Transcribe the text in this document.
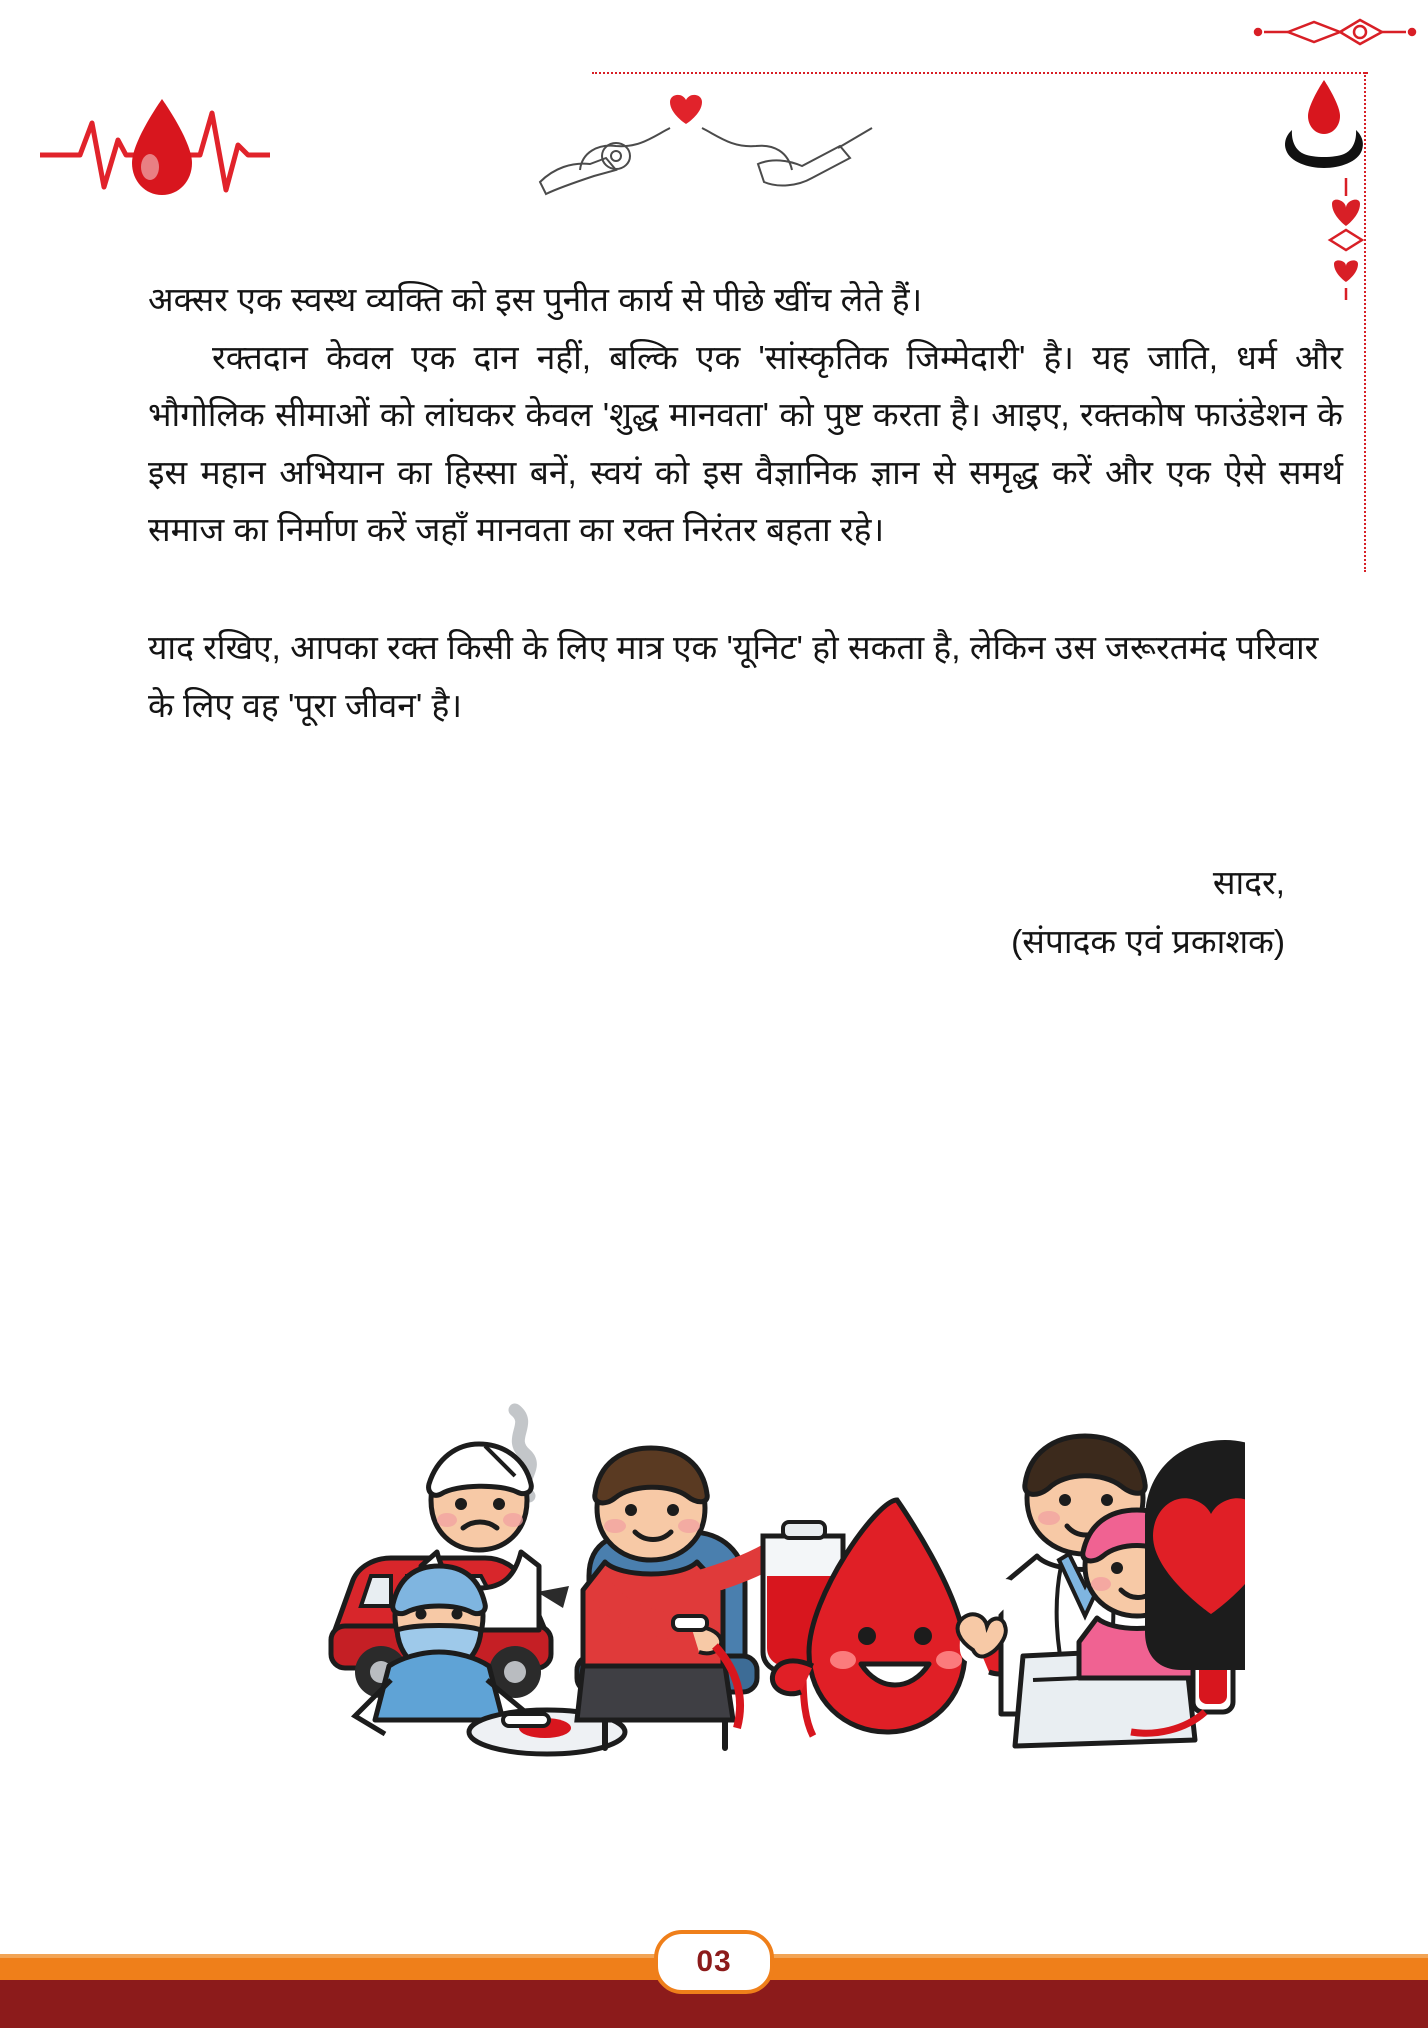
अक्सर एक स्वस्थ व्यक्ति को इस पुनीत कार्य से पीछे खींच लेते हैं।

रक्तदान केवल एक दान नहीं, बल्कि एक 'सांस्कृतिक जिम्मेदारी' है। यह जाति, धर्म और भौगोलिक सीमाओं को लांघकर केवल 'शुद्ध मानवता' को पुष्ट करता है। आइए, रक्तकोष फाउंडेशन के इस महान अभियान का हिस्सा बनें, स्वयं को इस वैज्ञानिक ज्ञान से समृद्ध करें और एक ऐसे समर्थ समाज का निर्माण करें जहाँ मानवता का रक्त निरंतर बहता रहे।

याद रखिए, आपका रक्त किसी के लिए मात्र एक 'यूनिट' हो सकता है, लेकिन उस जरूरतमंद परिवार के लिए वह 'पूरा जीवन' है।

सादर,
(संपादक एवं प्रकाशक)
03
